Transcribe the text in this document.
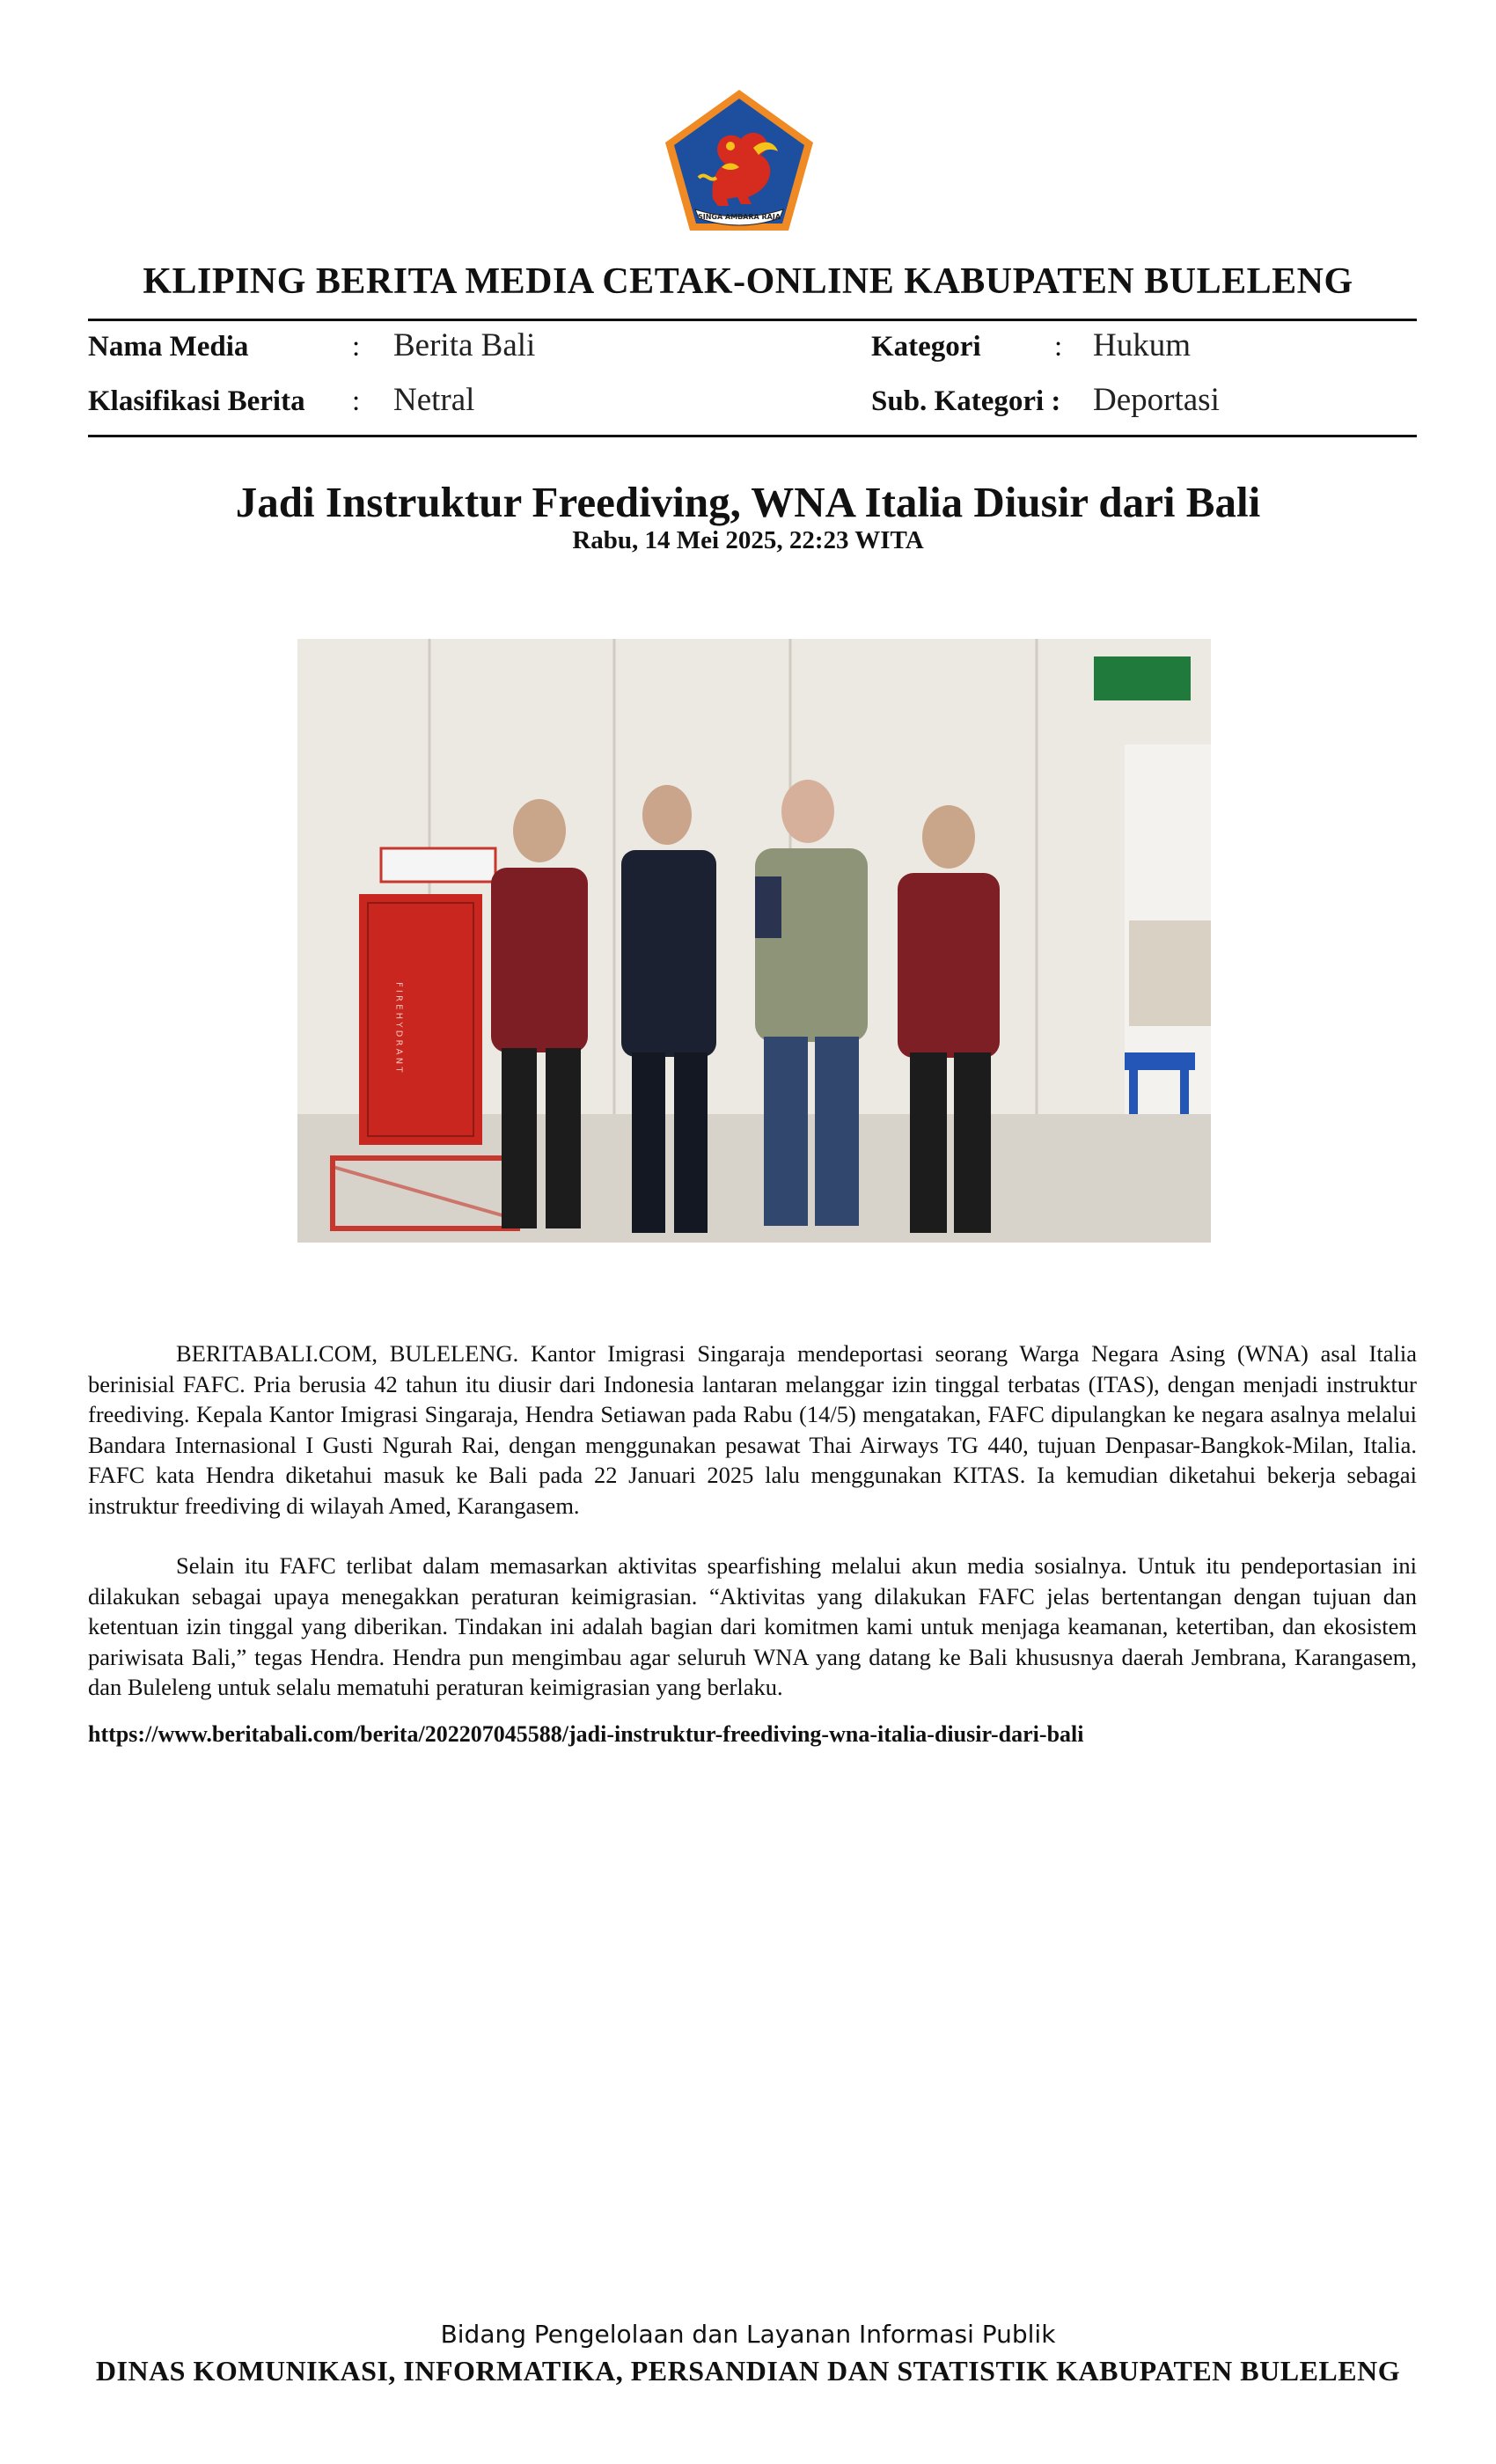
SINGA AMBARA RAJA
KLIPING BERITA MEDIA CETAK-ONLINE KABUPATEN BULELENG
Nama Media	: Berita Bali
Klasifikasi Berita : Netral
Kategori	: Hukum
Sub. Kategori : Deportasi
Jadi Instruktur Freediving, WNA Italia Diusir dari Bali
Rabu, 14 Mei 2025, 22:23 WITA
F I R E H Y D R A N T

BERITABALI.COM, BULELENG. Kantor Imigrasi Singaraja mendeportasi seorang Warga Negara Asing (WNA) asal Italia berinisial FAFC. Pria berusia 42 tahun itu diusir dari Indonesia lantaran melanggar izin tinggal terbatas (ITAS), dengan menjadi instruktur freediving. Kepala Kantor Imigrasi Singaraja, Hendra Setiawan pada Rabu (14/5) mengatakan, FAFC dipulangkan ke negara asalnya melalui Bandara Internasional I Gusti Ngurah Rai, dengan menggunakan pesawat Thai Airways TG 440, tujuan Denpasar-Bangkok-Milan, Italia. FAFC kata Hendra diketahui masuk ke Bali pada 22 Januari 2025 lalu menggunakan KITAS. Ia kemudian diketahui bekerja sebagai instruktur freediving di wilayah Amed, Karangasem.

Selain itu FAFC terlibat dalam memasarkan aktivitas spearfishing melalui akun media sosialnya. Untuk itu pendeportasian ini dilakukan sebagai upaya menegakkan peraturan keimigrasian. “Aktivitas yang dilakukan FAFC jelas bertentangan dengan tujuan dan ketentuan izin tinggal yang diberikan. Tindakan ini adalah bagian dari komitmen kami untuk menjaga keamanan, ketertiban, dan ekosistem pariwisata Bali,” tegas Hendra. Hendra pun mengimbau agar seluruh WNA yang datang ke Bali khususnya daerah Jembrana, Karangasem, dan Buleleng untuk selalu mematuhi peraturan keimigrasian yang berlaku.

https://www.beritabali.com/berita/202207045588/jadi-instruktur-freediving-wna-italia-diusir-dari-bali
Bidang Pengelolaan dan Layanan Informasi Publik
DINAS KOMUNIKASI, INFORMATIKA, PERSANDIAN DAN STATISTIK KABUPATEN BULELENG
